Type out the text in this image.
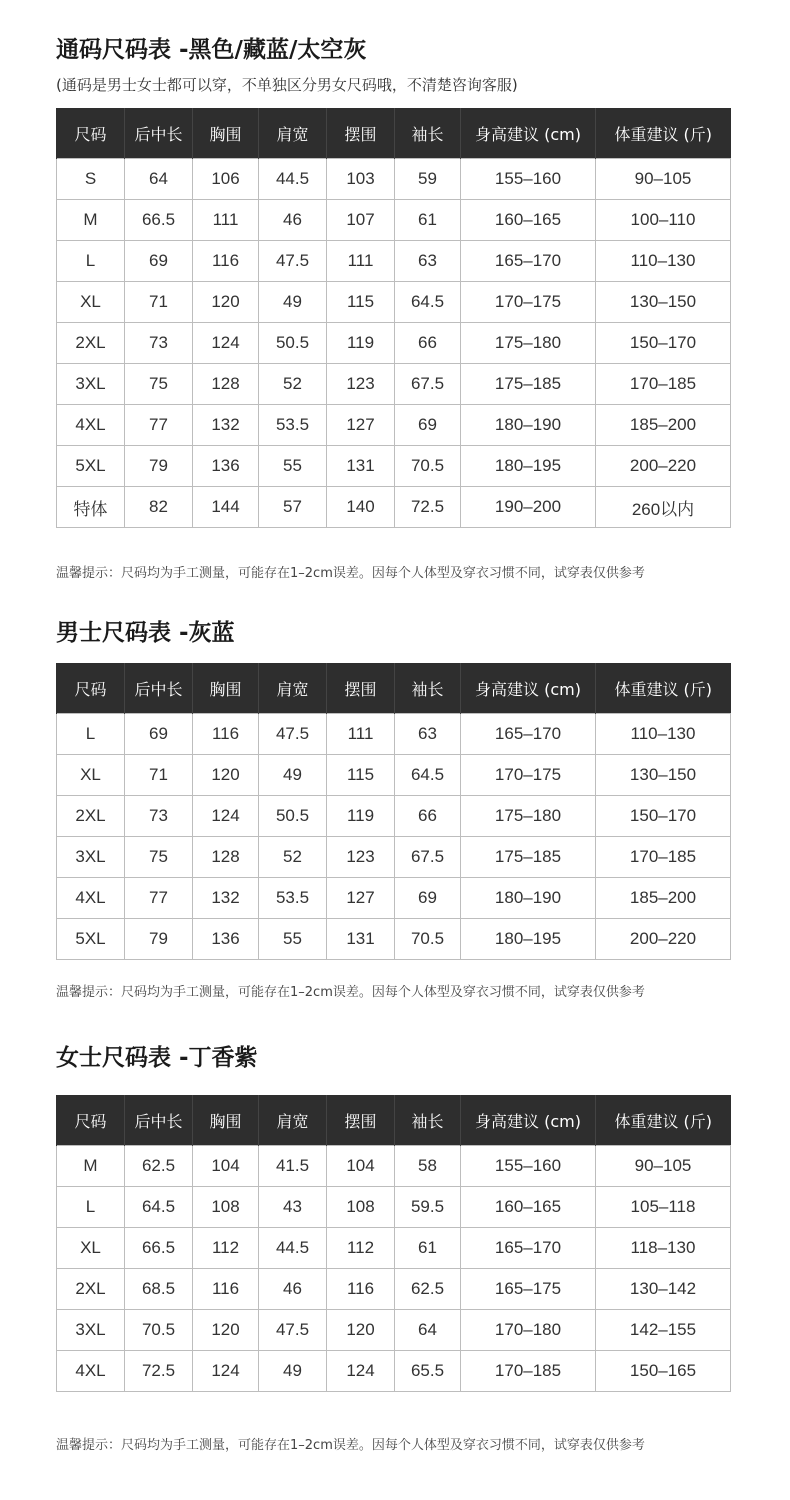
通码尺码表 -黑色/藏蓝/太空灰
(通码是男士女士都可以穿，不单独区分男女尺码哦，不清楚咨询客服)
尺码	后中长	胸围	肩宽	摆围	袖长	身高建议 (cm)	体重建议 (斤)
S	64	106	44.5	103	59	155–160	90–105
M	66.5	111	46	107	61	160–165	100–110
L	69	116	47.5	111	63	165–170	110–130
XL	71	120	49	115	64.5	170–175	130–150
2XL	73	124	50.5	119	66	175–180	150–170
3XL	75	128	52	123	67.5	175–185	170–185
4XL	77	132	53.5	127	69	180–190	185–200
5XL	79	136	55	131	70.5	180–195	200–220
特体	82	144	57	140	72.5	190–200	260以内
温馨提示：尺码均为手工测量，可能存在1–2cm误差。因每个人体型及穿衣习惯不同，试穿表仅供参考
男士尺码表 -灰蓝
尺码	后中长	胸围	肩宽	摆围	袖长	身高建议 (cm)	体重建议 (斤)
L	69	116	47.5	111	63	165–170	110–130
XL	71	120	49	115	64.5	170–175	130–150
2XL	73	124	50.5	119	66	175–180	150–170
3XL	75	128	52	123	67.5	175–185	170–185
4XL	77	132	53.5	127	69	180–190	185–200
5XL	79	136	55	131	70.5	180–195	200–220
温馨提示：尺码均为手工测量，可能存在1–2cm误差。因每个人体型及穿衣习惯不同，试穿表仅供参考
女士尺码表 -丁香紫
尺码	后中长	胸围	肩宽	摆围	袖长	身高建议 (cm)	体重建议 (斤)
M	62.5	104	41.5	104	58	155–160	90–105
L	64.5	108	43	108	59.5	160–165	105–118
XL	66.5	112	44.5	112	61	165–170	118–130
2XL	68.5	116	46	116	62.5	165–175	130–142
3XL	70.5	120	47.5	120	64	170–180	142–155
4XL	72.5	124	49	124	65.5	170–185	150–165
温馨提示：尺码均为手工测量，可能存在1–2cm误差。因每个人体型及穿衣习惯不同，试穿表仅供参考
